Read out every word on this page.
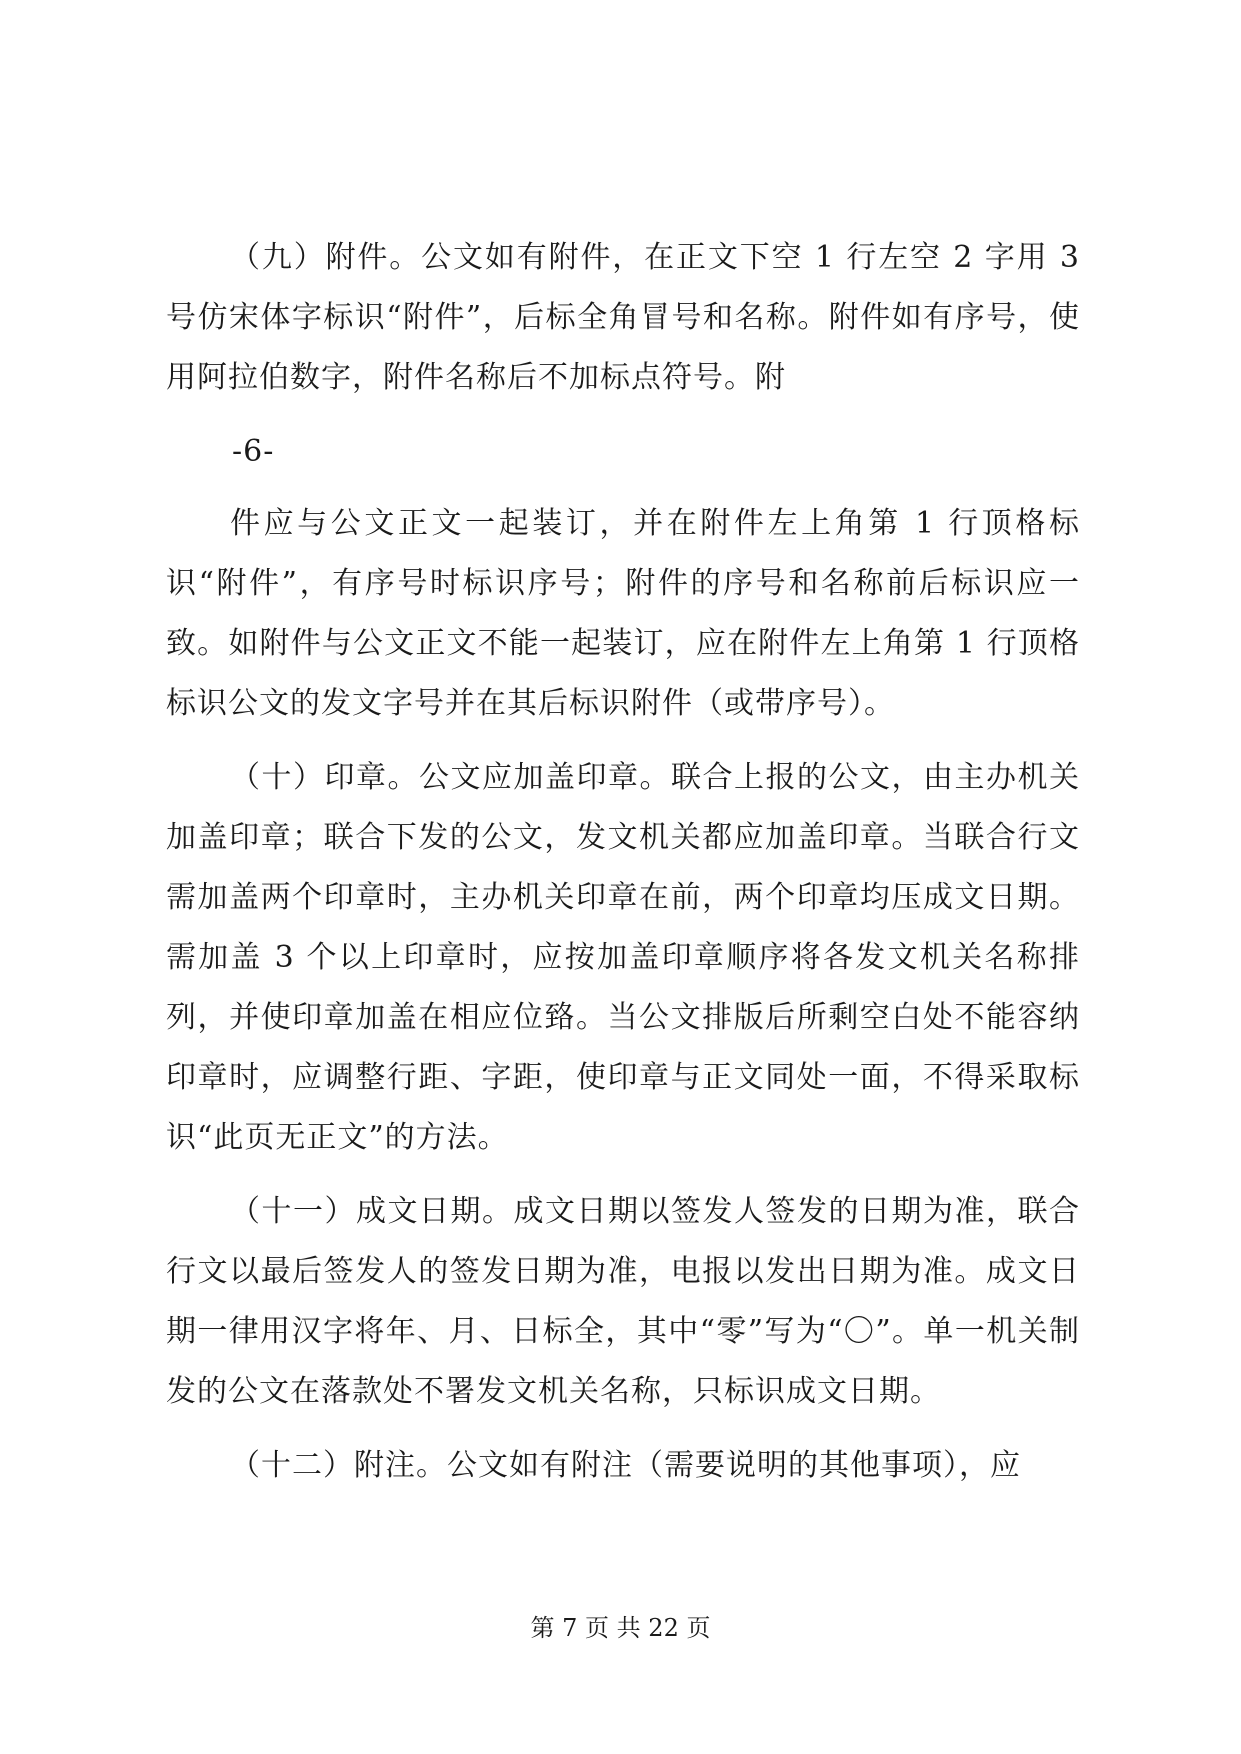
（九）附件。公文如有附件，在正文下空 1 行左空 2 字用 3 号仿宋体字标识“附件”，后标全角冒号和名称。附件如有序号，使用阿拉伯数字，附件名称后不加标点符号。附

-6-

件应与公文正文一起装订，并在附件左上角第 1 行顶格标识“附件”，有序号时标识序号；附件的序号和名称前后标识应一致。如附件与公文正文不能一起装订，应在附件左上角第 1 行顶格标识公文的发文字号并在其后标识附件（或带序号）。

（十）印章。公文应加盖印章。联合上报的公文，由主办机关加盖印章；联合下发的公文，发文机关都应加盖印章。当联合行文需加盖两个印章时，主办机关印章在前，两个印章均压成文日期。需加盖 3 个以上印章时，应按加盖印章顺序将各发文机关名称排列，并使印章加盖在相应位臵。当公文排版后所剩空白处不能容纳印章时，应调整行距、字距，使印章与正文同处一面，不得采取标识“此页无正文”的方法。

（十一）成文日期。成文日期以签发人签发的日期为准，联合行文以最后签发人的签发日期为准，电报以发出日期为准。成文日期一律用汉字将年、月、日标全，其中“零”写为“〇”。单一机关制发的公文在落款处不署发文机关名称，只标识成文日期。

（十二）附注。公文如有附注（需要说明的其他事项），应

第 7 页 共 22 页
